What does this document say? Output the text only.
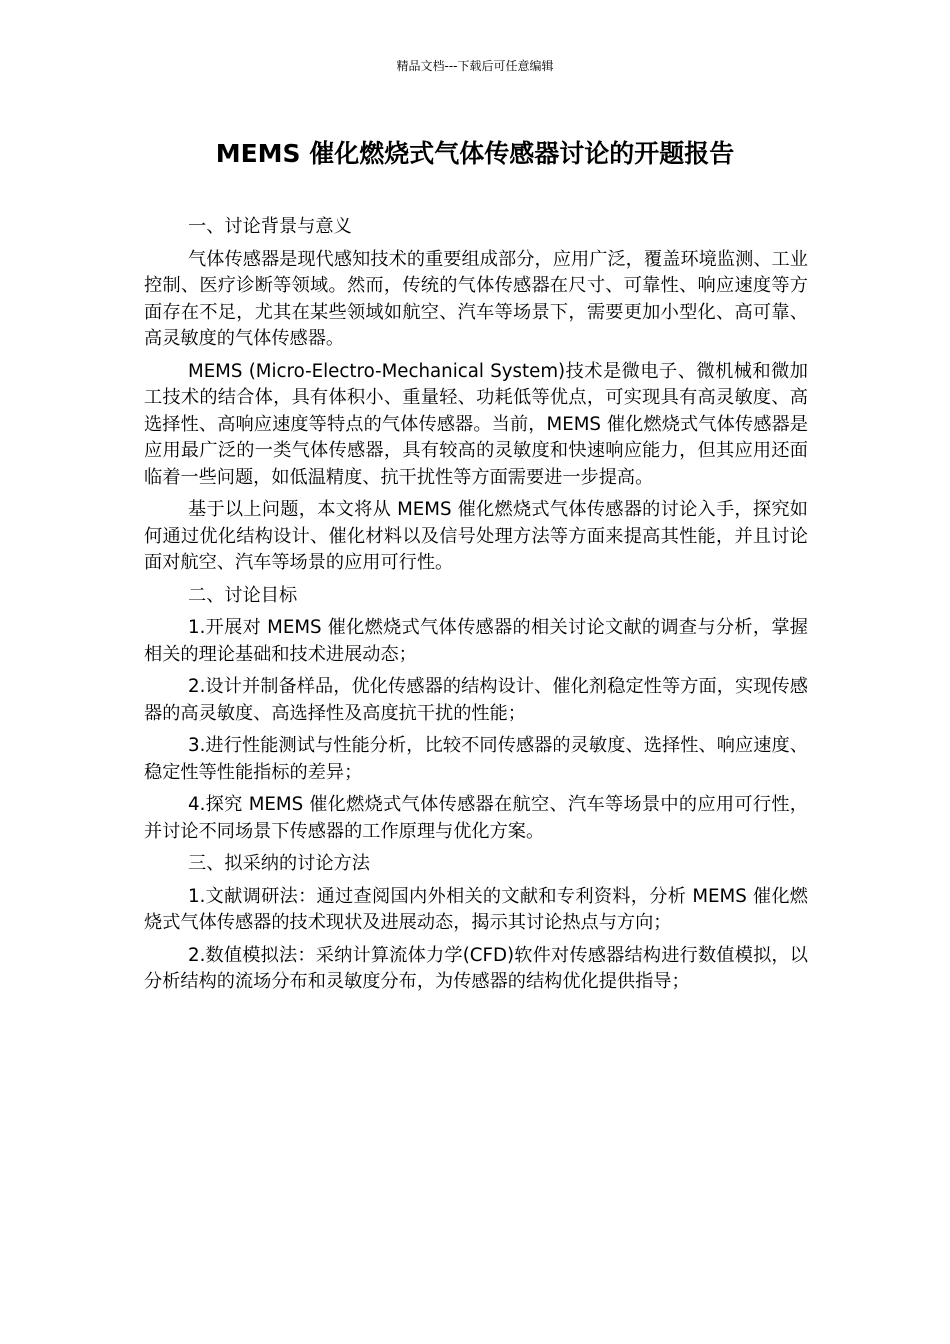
精品文档---下载后可任意编辑
MEMS 催化燃烧式气体传感器讨论的开题报告

一、讨论背景与意义

气体传感器是现代感知技术的重要组成部分，应用广泛，覆盖环境监测、工业控制、医疗诊断等领域。然而，传统的气体传感器在尺寸、可靠性、响应速度等方面存在不足，尤其在某些领域如航空、汽车等场景下，需要更加小型化、高可靠、高灵敏度的气体传感器。

MEMS (Micro-Electro-Mechanical System)技术是微电子、微机械和微加工技术的结合体，具有体积小、重量轻、功耗低等优点，可实现具有高灵敏度、高选择性、高响应速度等特点的气体传感器。当前，MEMS 催化燃烧式气体传感器是应用最广泛的一类气体传感器，具有较高的灵敏度和快速响应能力，但其应用还面临着一些问题，如低温精度、抗干扰性等方面需要进一步提高。

基于以上问题，本文将从 MEMS 催化燃烧式气体传感器的讨论入手，探究如何通过优化结构设计、催化材料以及信号处理方法等方面来提高其性能，并且讨论面对航空、汽车等场景的应用可行性。

二、讨论目标

1.开展对 MEMS 催化燃烧式气体传感器的相关讨论文献的调查与分析，掌握相关的理论基础和技术进展动态；

2.设计并制备样品，优化传感器的结构设计、催化剂稳定性等方面，实现传感器的高灵敏度、高选择性及高度抗干扰的性能；

3.进行性能测试与性能分析，比较不同传感器的灵敏度、选择性、响应速度、稳定性等性能指标的差异；

4.探究 MEMS 催化燃烧式气体传感器在航空、汽车等场景中的应用可行性，并讨论不同场景下传感器的工作原理与优化方案。

三、拟采纳的讨论方法

1.文献调研法：通过查阅国内外相关的文献和专利资料，分析 MEMS 催化燃烧式气体传感器的技术现状及进展动态，揭示其讨论热点与方向；

2.数值模拟法：采纳计算流体力学(CFD)软件对传感器结构进行数值模拟，以分析结构的流场分布和灵敏度分布，为传感器的结构优化提供指导；
